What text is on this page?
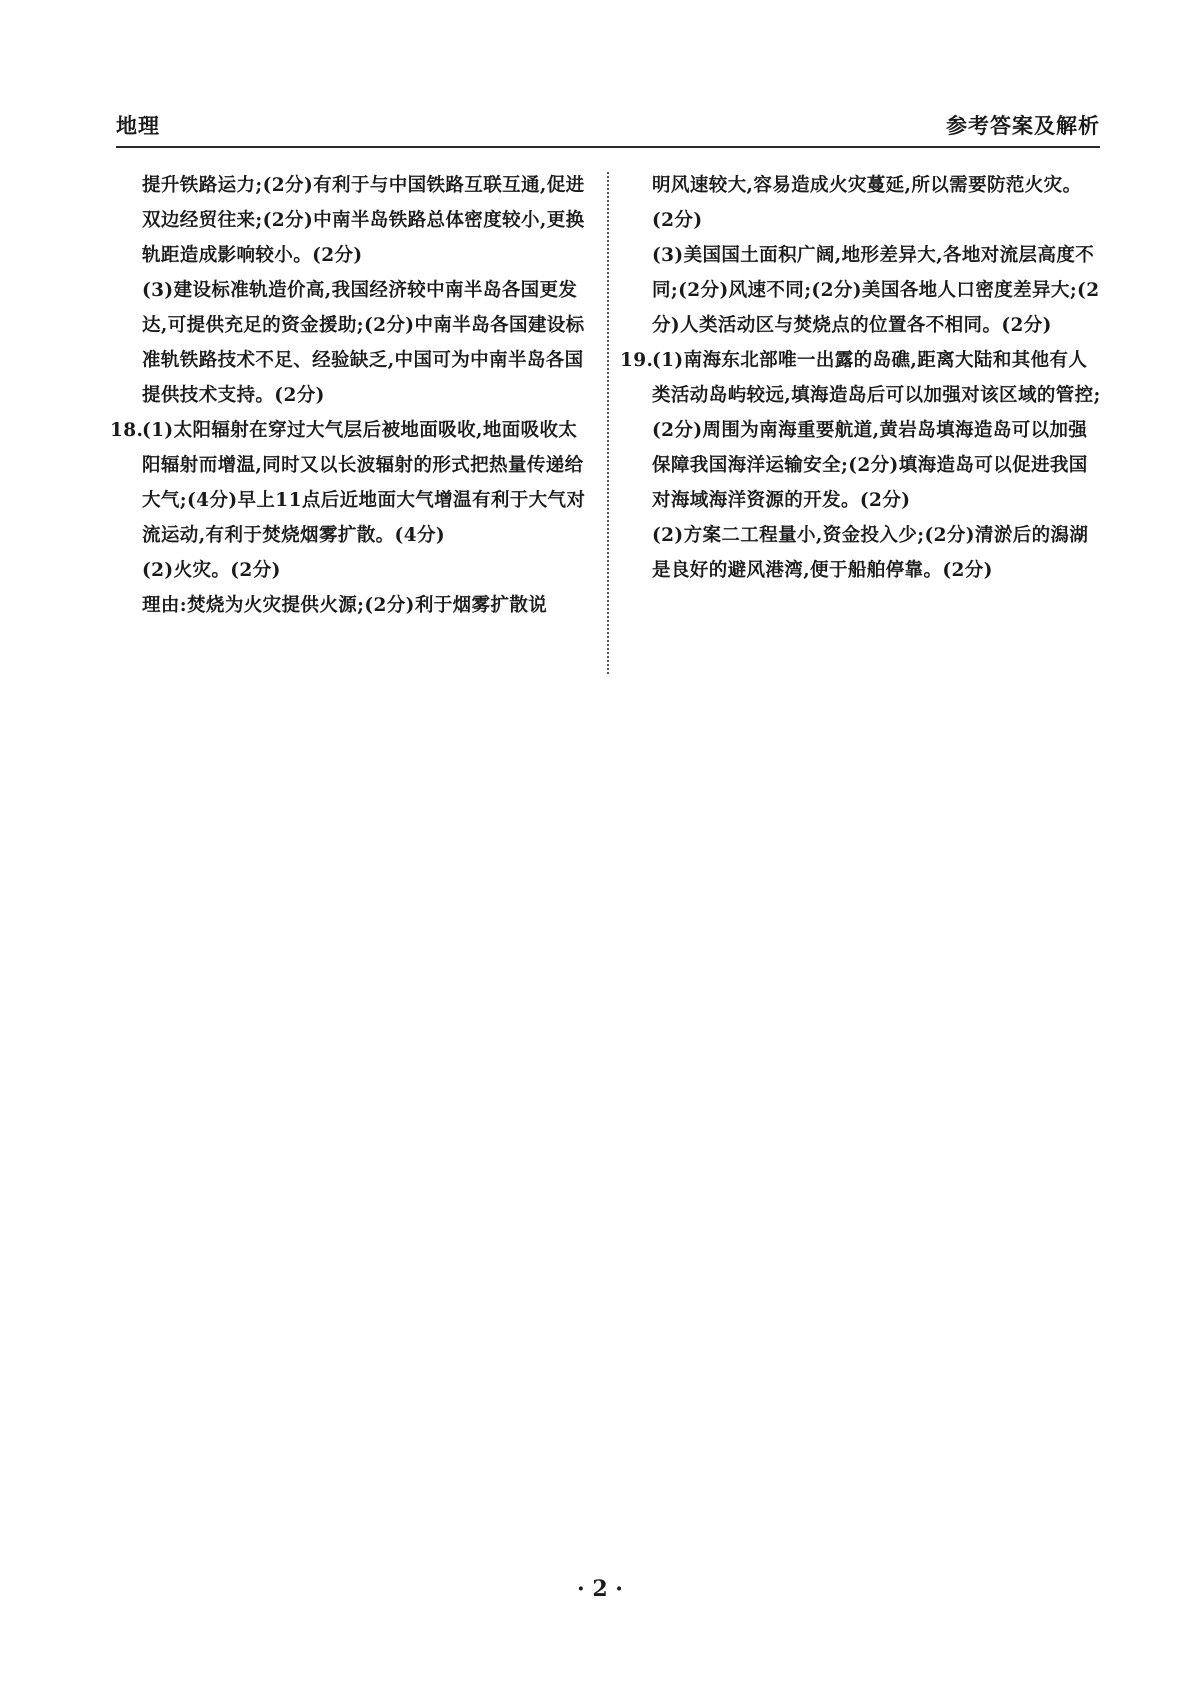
地理	参考答案及解析

提升铁路运力;(2分)有利于与中国铁路互联互通,促进双边经贸往来;(2分)中南半岛铁路总体密度较小,更换轨距造成影响较小。(2分)

(3)建设标准轨造价高,我国经济较中南半岛各国更发达,可提供充足的资金援助;(2分)中南半岛各国建设标准轨铁路技术不足、经验缺乏,中国可为中南半岛各国提供技术支持。(2分)

18.

(1)太阳辐射在穿过大气层后被地面吸收,地面吸收太阳辐射而增温,同时又以长波辐射的形式把热量传递给大气;(4分)早上11点后近地面大气增温有利于大气对流运动,有利于焚烧烟雾扩散。(4分)

(2)火灾。(2分)

理由:焚烧为火灾提供火源;(2分)利于烟雾扩散说

明风速较大,容易造成火灾蔓延,所以需要防范火灾。(2分)

(3)美国国土面积广阔,地形差异大,各地对流层高度不同;(2分)风速不同;(2分)美国各地人口密度差异大;(2分)人类活动区与焚烧点的位置各不相同。(2分)

19.

(1)南海东北部唯一出露的岛礁,距离大陆和其他有人类活动岛屿较远,填海造岛后可以加强对该区域的管控;(2分)周围为南海重要航道,黄岩岛填海造岛可以加强保障我国海洋运输安全;(2分)填海造岛可以促进我国对海域海洋资源的开发。(2分)

(2)方案二工程量小,资金投入少;(2分)清淤后的潟湖是良好的避风港湾,便于船舶停靠。(2分)

· 2 ·
